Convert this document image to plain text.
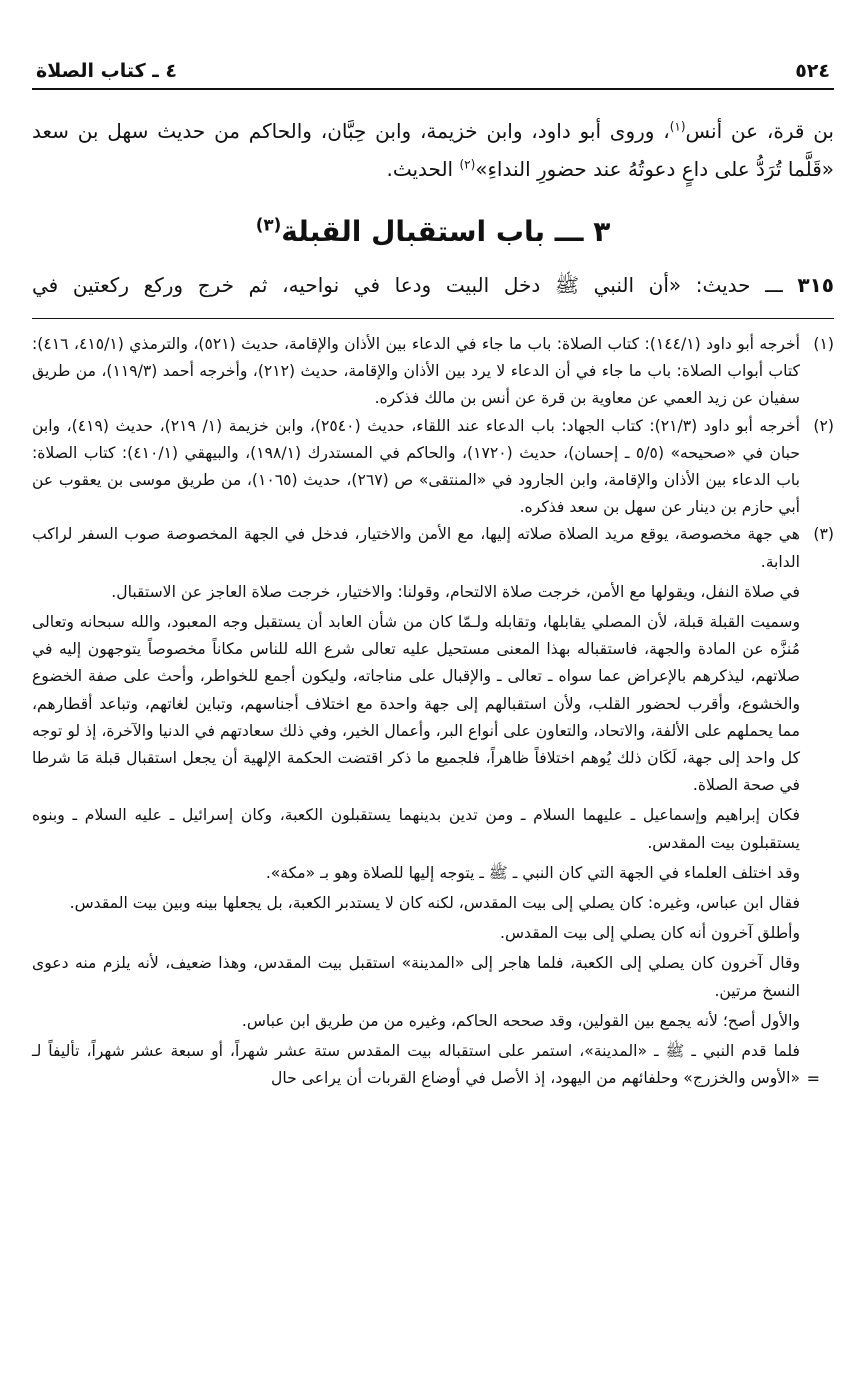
٥٢٤
٤ ـ كتاب الصلاة
بن قرة، عن أنس$^{(١)}$، وروى أبو داود، وابن خزيمة، وابن حِبَّان، والحاكم من حديث سهل بن سعد «قَلَّما تُرَدُّ على داعٍ دعوتُهُ عند حضورِ النداءِ»$^{(٢)}$ الحديث.
٣ ـــ باب استقبال القبلة$^{(٣)}$
٣١٥ ـــ حديث: «أن النبي ﷺ دخل البيت ودعا في نواحيه، ثم خرج وركع ركعتين في
(١)

أخرجه أبو داود (١٤٤/١): كتاب الصلاة: باب ما جاء في الدعاء بين الأذان والإقامة، حديث (٥٢١)، والترمذي (٤١٥/١، ٤١٦): كتاب أبواب الصلاة: باب ما جاء في أن الدعاء لا يرد بين الأذان والإقامة، حديث (٢١٢)، وأخرجه أحمد (١١٩/٣)، من طريق سفيان عن زيد العمي عن معاوية بن قرة عن أنس بن مالك فذكره.

(٢)

أخرجه أبو داود (٢١/٣): كتاب الجهاد: باب الدعاء عند اللقاء، حديث (٢٥٤٠)، وابن خزيمة (١/ ٢١٩)، حديث (٤١٩)، وابن حبان في «صحيحه» (٥/٥ ـ إحسان)، حديث (١٧٢٠)، والحاكم في المستدرك (١٩٨/١)، والبيهقي (٤١٠/١): كتاب الصلاة: باب الدعاء بين الأذان والإقامة، وابن الجارود في «المنتقى» ص (٢٦٧)، حديث (١٠٦٥)، من طريق موسى بن يعقوب عن أبي حازم بن دينار عن سهل بن سعد فذكره.

(٣)

هي جهة مخصوصة، يوقع مريد الصلاة صلاته إليها، مع الأمن والاختيار، فدخل في الجهة المخصوصة صوب السفر لراكب الدابة.

في صلاة النفل، ويقولها مع الأمن، خرجت صلاة الالتحام، وقولنا: والاختيار، خرجت صلاة العاجز عن الاستقبال.

وسميت القبلة قبلة، لأن المصلي يقابلها، وتقابله ولـمّا كان من شأن العابد أن يستقبل وجه المعبود، والله سبحانه وتعالى مُنزَّه عن المادة والجهة، فاستقباله بهذا المعنى مستحيل عليه تعالى شرع الله للناس مكاناً مخصوصاً يتوجهون إليه في صلاتهم، ليذكرهم بالإعراض عما سواه ـ تعالى ـ والإقبال على مناجاته، وليكون أجمع للخواطر، وأحث على صفة الخضوع والخشوع، وأقرب لحضور القلب، ولأن استقبالهم إلى جهة واحدة مع اختلاف أجناسهم، وتباين لغاتهم، وتباعد أقطارهم، مما يحملهم على الألفة، والاتحاد، والتعاون على أنواع البر، وأعمال الخير، وفي ذلك سعادتهم في الدنيا والآخرة، إذ لو توجه كل واحد إلى جهة، لَكَان ذلك يُوهم اختلافاً ظاهراً، فلجميع ما ذكر اقتضت الحكمة الإلهية أن يجعل استقبال قبلة مَا شرطا في صحة الصلاة.

فكان إبراهيم وإسماعيل ـ عليهما السلام ـ ومن تدين بدينهما يستقبلون الكعبة، وكان إسرائيل ـ عليه السلام ـ وبنوه يستقبلون بيت المقدس.

وقد اختلف العلماء في الجهة التي كان النبي ـ ﷺ ـ يتوجه إليها للصلاة وهو بـ «مكة».

فقال ابن عباس، وغيره: كان يصلي إلى بيت المقدس، لكنه كان لا يستدبر الكعبة، بل يجعلها بينه وبين بيت المقدس.

وأطلق آخرون أنه كان يصلي إلى بيت المقدس.

وقال آخرون كان يصلي إلى الكعبة، فلما هاجر إلى «المدينة» استقبل بيت المقدس، وهذا ضعيف، لأنه يلزم منه دعوى النسخ مرتين.

والأول أصح؛ لأنه يجمع بين القولين، وقد صححه الحاكم، وغيره من من طريق ابن عباس.

فلما قدم النبي ـ ﷺ ـ «المدينة»، استمر على استقباله بيت المقدس ستة عشر شهراً، أو سبعة عشر شهراً، تأليفاً لـ «الأوس والخزرج» وحلفائهم من اليهود، إذ الأصل في أوضاع القربات أن يراعى حال =
